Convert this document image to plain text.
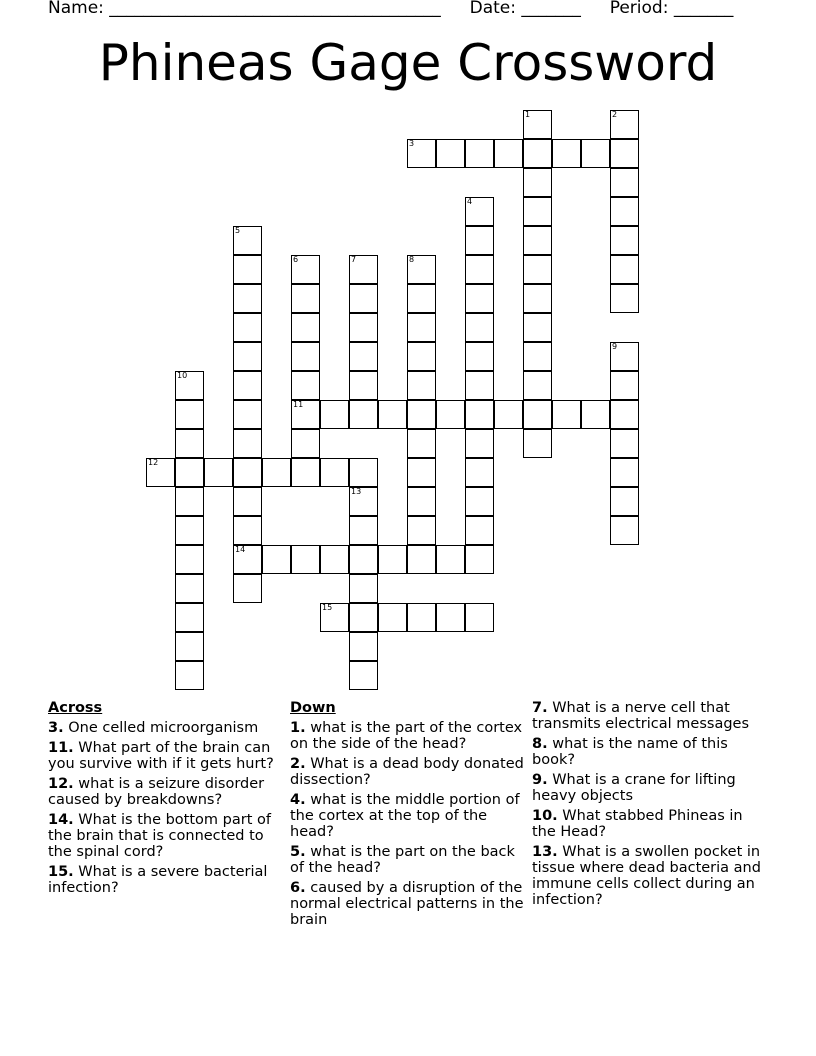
Name: _______________________________________ Date: _______ Period: _______
Phineas Gage Crossword
1	2
3
4
5
14
6
11
7	8
9
10
12
13
15
Across
3. One celled microorganism
11. What part of the brain can you survive with if it gets hurt?
12. what is a seizure disorder caused by breakdowns?
14. What is the bottom part of the brain that is connected to the spinal cord?
15. What is a severe bacterial infection?
Down
1. what is the part of the cortex on the side of the head?
2. What is a dead body donated dissection?
4. what is the middle portion of the cortex at the top of the head?
5. what is the part on the back of the head?
6. caused by a disruption of the normal electrical patterns in the brain
7. What is a nerve cell that transmits electrical messages
8. what is the name of this book?
9. What is a crane for lifting heavy objects
10. What stabbed Phineas in the Head?
13. What is a swollen pocket in tissue where dead bacteria and immune cells collect during an infection?
